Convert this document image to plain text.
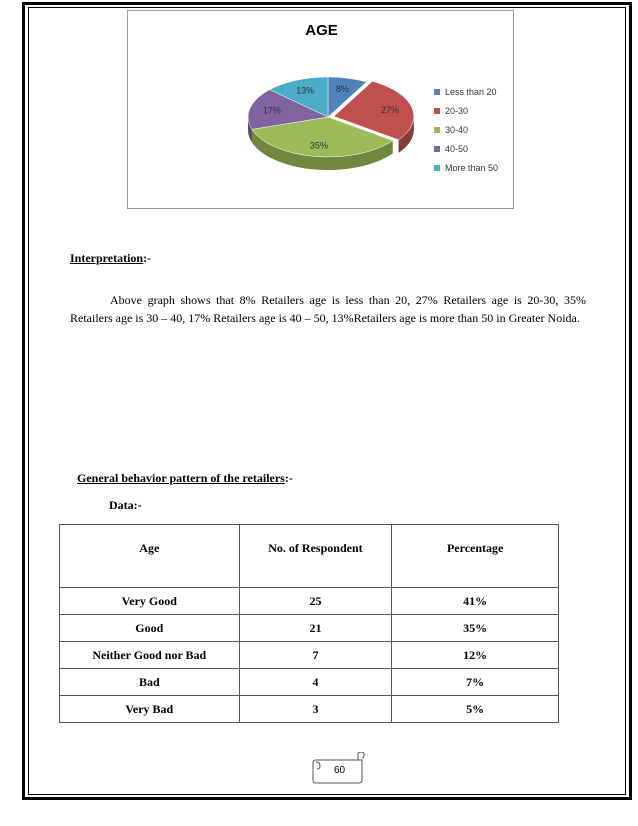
8%
27%
35%
17%
13%
AGE
Less than 20
20-30
30-40
40-50
More than 50
Interpretation:-
Above graph shows that 8% Retailers age is less than 20, 27% Retailers age is 20-30, 35% Retailers age is 30 – 40, 17% Retailers age is 40 – 50, 13%Retailers age is more than 50 in Greater Noida.
General behavior pattern of the retailers:-
Data:-
Age	No. of Respondent	Percentage
Very Good	25	41%
Good	21	35%
Neither Good nor Bad	7	12%
Bad	4	7%
Very Bad	3	5%
60
